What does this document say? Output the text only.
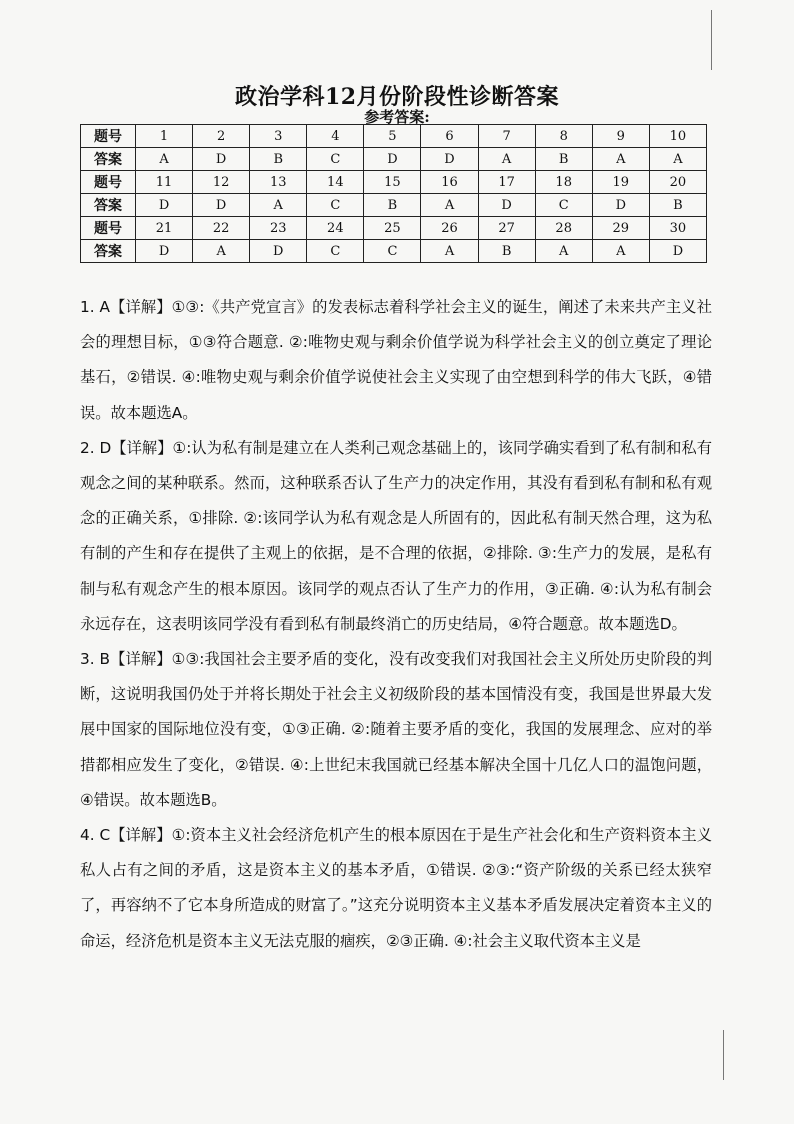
政治学科12月份阶段性诊断答案
参考答案:
题号	1	2	3	4	5	6	7	8	9	10
答案	A	D	B	C	D	D	A	B	A	A
题号	11	12	13	14	15	16	17	18	19	20
答案	D	D	A	C	B	A	D	C	D	B
题号	21	22	23	24	25	26	27	28	29	30
答案	D	A	D	C	C	A	B	A	A	D

1. A【详解】①③:《共产党宣言》的发表标志着科学社会主义的诞生，阐述了未来共产主义社会的理想目标，①③符合题意. ②:唯物史观与剩余价值学说为科学社会主义的创立奠定了理论基石，②错误. ④:唯物史观与剩余价值学说使社会主义实现了由空想到科学的伟大飞跃，④错误。故本题选A。

2. D【详解】①:认为私有制是建立在人类利己观念基础上的，该同学确实看到了私有制和私有观念之间的某种联系。然而，这种联系否认了生产力的决定作用，其没有看到私有制和私有观念的正确关系，①排除. ②:该同学认为私有观念是人所固有的，因此私有制天然合理，这为私有制的产生和存在提供了主观上的依据，是不合理的依据，②排除. ③:生产力的发展，是私有制与私有观念产生的根本原因。该同学的观点否认了生产力的作用，③正确. ④:认为私有制会永远存在，这表明该同学没有看到私有制最终消亡的历史结局，④符合题意。故本题选D。

3. B【详解】①③:我国社会主要矛盾的变化，没有改变我们对我国社会主义所处历史阶段的判断，这说明我国仍处于并将长期处于社会主义初级阶段的基本国情没有变，我国是世界最大发展中国家的国际地位没有变，①③正确. ②:随着主要矛盾的变化，我国的发展理念、应对的举措都相应发生了变化，②错误. ④:上世纪末我国就已经基本解决全国十几亿人口的温饱问题，④错误。故本题选B。

4. C【详解】①:资本主义社会经济危机产生的根本原因在于是生产社会化和生产资料资本主义私人占有之间的矛盾，这是资本主义的基本矛盾，①错误. ②③:“资产阶级的关系已经太狭窄了，再容纳不了它本身所造成的财富了。”这充分说明资本主义基本矛盾发展决定着资本主义的命运，经济危机是资本主义无法克服的痼疾，②③正确. ④:社会主义取代资本主义是
